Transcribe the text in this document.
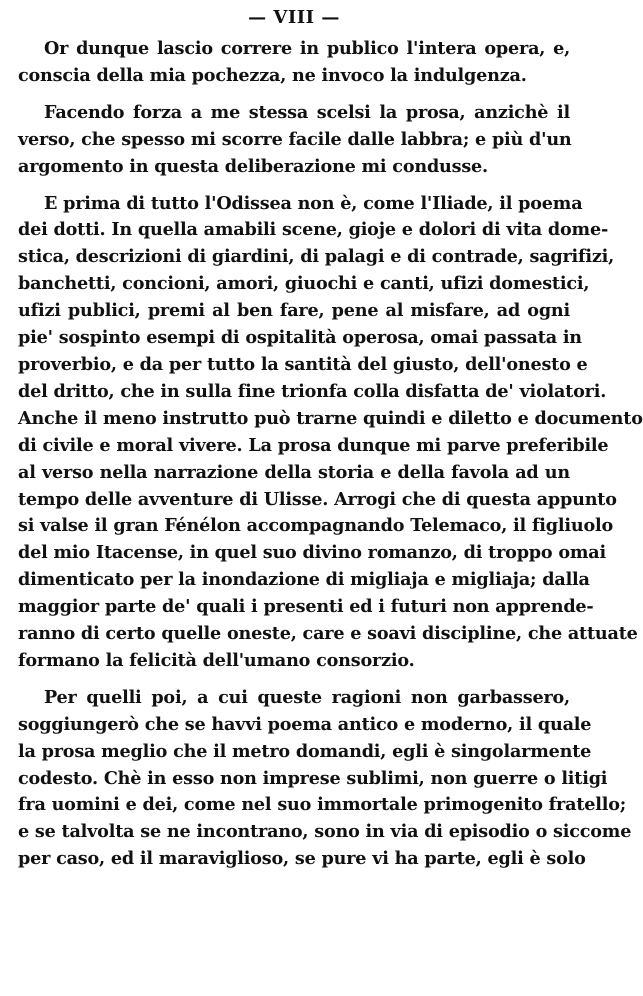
— VIII —
Or dunque lascio correre in publico l'intera opera, e,
conscia della mia pochezza, ne invoco la indulgenza.
Facendo forza a me stessa scelsi la prosa, anzichè il
verso, che spesso mi scorre facile dalle labbra; e più d'un
argomento in questa deliberazione mi condusse.
E prima di tutto l'Odissea non è, come l'Iliade, il poema
dei dotti. In quella amabili scene, gioje e dolori di vita dome-
stica, descrizioni di giardini, di palagi e di contrade, sagrifizi,
banchetti, concioni, amori, giuochi e canti, ufizi domestici,
ufizi publici, premi al ben fare, pene al misfare, ad ogni
pie' sospinto esempi di ospitalità operosa, omai passata in
proverbio, e da per tutto la santità del giusto, dell'onesto e
del dritto, che in sulla fine trionfa colla disfatta de' violatori.
Anche il meno instrutto può trarne quindi e diletto e documento
di civile e moral vivere. La prosa dunque mi parve preferibile
al verso nella narrazione della storia e della favola ad un
tempo delle avventure di Ulisse. Arrogi che di questa appunto
si valse il gran Fénélon accompagnando Telemaco, il figliuolo
del mio Itacense, in quel suo divino romanzo, di troppo omai
dimenticato per la inondazione di migliaja e migliaja; dalla
maggior parte de' quali i presenti ed i futuri non apprende-
ranno di certo quelle oneste, care e soavi discipline, che attuate
formano la felicità dell'umano consorzio.
Per quelli poi, a cui queste ragioni non garbassero,
soggiungerò che se havvi poema antico e moderno, il quale
la prosa meglio che il metro domandi, egli è singolarmente
codesto. Chè in esso non imprese sublimi, non guerre o litigi
fra uomini e dei, come nel suo immortale primogenito fratello;
e se talvolta se ne incontrano, sono in via di episodio o siccome
per caso, ed il maraviglioso, se pure vi ha parte, egli è solo
